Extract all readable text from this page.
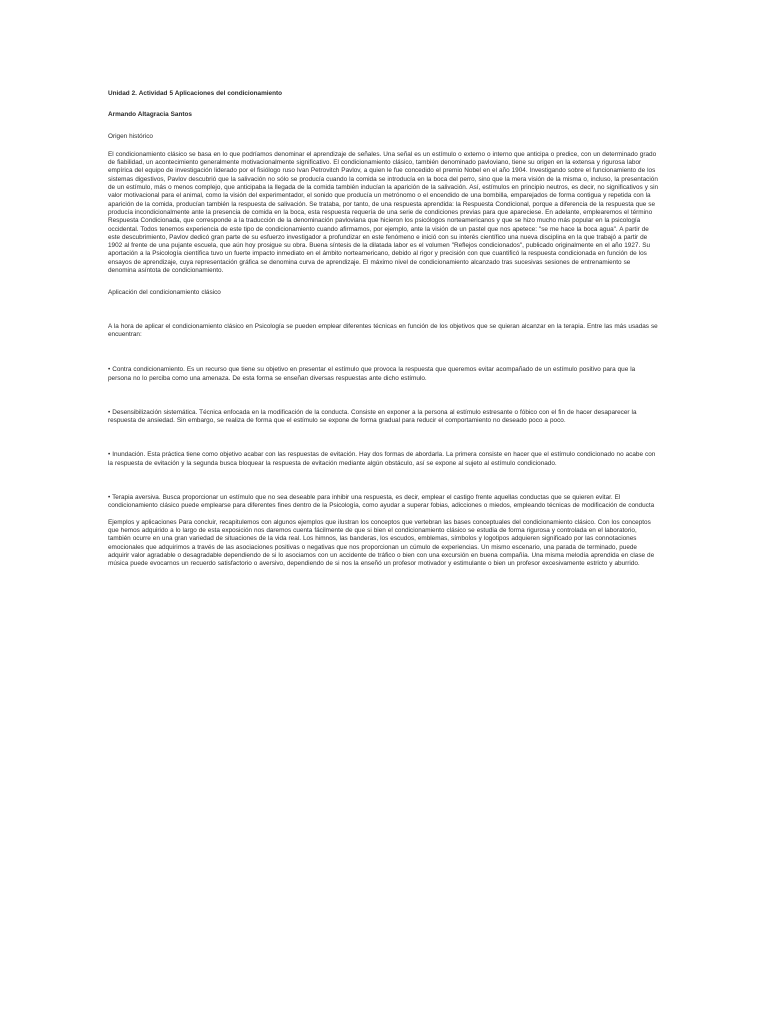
Unidad 2. Actividad 5 Aplicaciones del condicionamiento

Armando Altagracia Santos

Origen histórico

El condicionamiento clásico se basa en lo que podríamos denominar el aprendizaje de señales. Una señal es un estímulo o externo o interno que anticipa o predice, con un determinado grado de fiabilidad, un acontecimiento generalmente motivacionalmente significativo. El condicionamiento clásico, también denominado pavloviano, tiene su origen en la extensa y rigurosa labor empírica del equipo de investigación liderado por el fisiólogo ruso Ivan Petrovitch Pavlov, a quien le fue concedido el premio Nobel en el año 1904. Investigando sobre el funcionamiento de los sistemas digestivos, Pavlov descubrió que la salivación no sólo se producía cuando la comida se introducía en la boca del perro, sino que la mera visión de la misma o, incluso, la presentación de un estímulo, más o menos complejo, que anticipaba la llegada de la comida también inducían la aparición de la salivación. Así, estímulos en principio neutros, es decir, no significativos y sin valor motivacional para el animal, como la visión del experimentador, el sonido que producía un metrónomo o el encendido de una bombilla, emparejados de forma contigua y repetida con la aparición de la comida, producían también la respuesta de salivación. Se trataba, por tanto, de una respuesta aprendida: la Respuesta Condicional, porque a diferencia de la respuesta que se producía incondicionalmente ante la presencia de comida en la boca, esta respuesta requería de una serie de condiciones previas para que apareciese. En adelante, emplearemos el término Respuesta Condicionada, que corresponde a la traducción de la denominación pavloviana que hicieron los psicólogos norteamericanos y que se hizo mucho más popular en la psicología occidental. Todos tenemos experiencia de este tipo de condicionamiento cuando afirmamos, por ejemplo, ante la visión de un pastel que nos apetece: "se me hace la boca agua". A partir de este descubrimiento, Pavlov dedicó gran parte de su esfuerzo investigador a profundizar en este fenómeno e inició con su interés científico una nueva disciplina en la que trabajó a partir de 1902 al frente de una pujante escuela, que aún hoy prosigue su obra. Buena síntesis de la dilatada labor es el volumen "Reflejos condicionados", publicado originalmente en el año 1927. Su aportación a la Psicología científica tuvo un fuerte impacto inmediato en el ámbito norteamericano, debido al rigor y precisión con que cuantificó la respuesta condicionada en función de los ensayos de aprendizaje, cuya representación gráfica se denomina curva de aprendizaje. El máximo nivel de condicionamiento alcanzado tras sucesivas sesiones de entrenamiento se denomina asíntota de condicionamiento.

Aplicación del condicionamiento clásico

A la hora de aplicar el condicionamiento clásico en Psicología se pueden emplear diferentes técnicas en función de los objetivos que se quieran alcanzar en la terapia. Entre las más usadas se encuentran:

• Contra condicionamiento. Es un recurso que tiene su objetivo en presentar el estímulo que provoca la respuesta que queremos evitar acompañado de un estímulo positivo para que la persona no lo perciba como una amenaza. De esta forma se enseñan diversas respuestas ante dicho estímulo.

• Desensibilización sistemática. Técnica enfocada en la modificación de la conducta. Consiste en exponer a la persona al estímulo estresante o fóbico con el fin de hacer desaparecer la respuesta de ansiedad. Sin embargo, se realiza de forma que el estímulo se expone de forma gradual para reducir el comportamiento no deseado poco a poco.

• Inundación. Esta práctica tiene como objetivo acabar con las respuestas de evitación. Hay dos formas de abordarla. La primera consiste en hacer que el estímulo condicionado no acabe con la respuesta de evitación y la segunda busca bloquear la respuesta de evitación mediante algún obstáculo, así se expone al sujeto al estímulo condicionado.

• Terapia aversiva. Busca proporcionar un estímulo que no sea deseable para inhibir una respuesta, es decir, emplear el castigo frente aquellas conductas que se quieren evitar. El condicionamiento clásico puede emplearse para diferentes fines dentro de la Psicología, como ayudar a superar fobias, adicciones o miedos, empleando técnicas de modificación de conducta

Ejemplos y aplicaciones Para concluir, recapitulemos con algunos ejemplos que ilustran los conceptos que vertebran las bases conceptuales del condicionamiento clásico. Con los conceptos que hemos adquirido a lo largo de esta exposición nos daremos cuenta fácilmente de que si bien el condicionamiento clásico se estudia de forma rigurosa y controlada en el laboratorio, también ocurre en una gran variedad de situaciones de la vida real. Los himnos, las banderas, los escudos, emblemas, símbolos y logotipos adquieren significado por las connotaciones emocionales que adquirimos a través de las asociaciones positivas o negativas que nos proporcionan un cúmulo de experiencias. Un mismo escenario, una parada de terminado, puede adquirir valor agradable o desagradable dependiendo de si lo asociamos con un accidente de tráfico o bien con una excursión en buena compañía. Una misma melodía aprendida en clase de música puede evocarnos un recuerdo satisfactorio o aversivo, dependiendo de si nos la enseñó un profesor motivador y estimulante o bien un profesor excesivamente estricto y aburrido.
